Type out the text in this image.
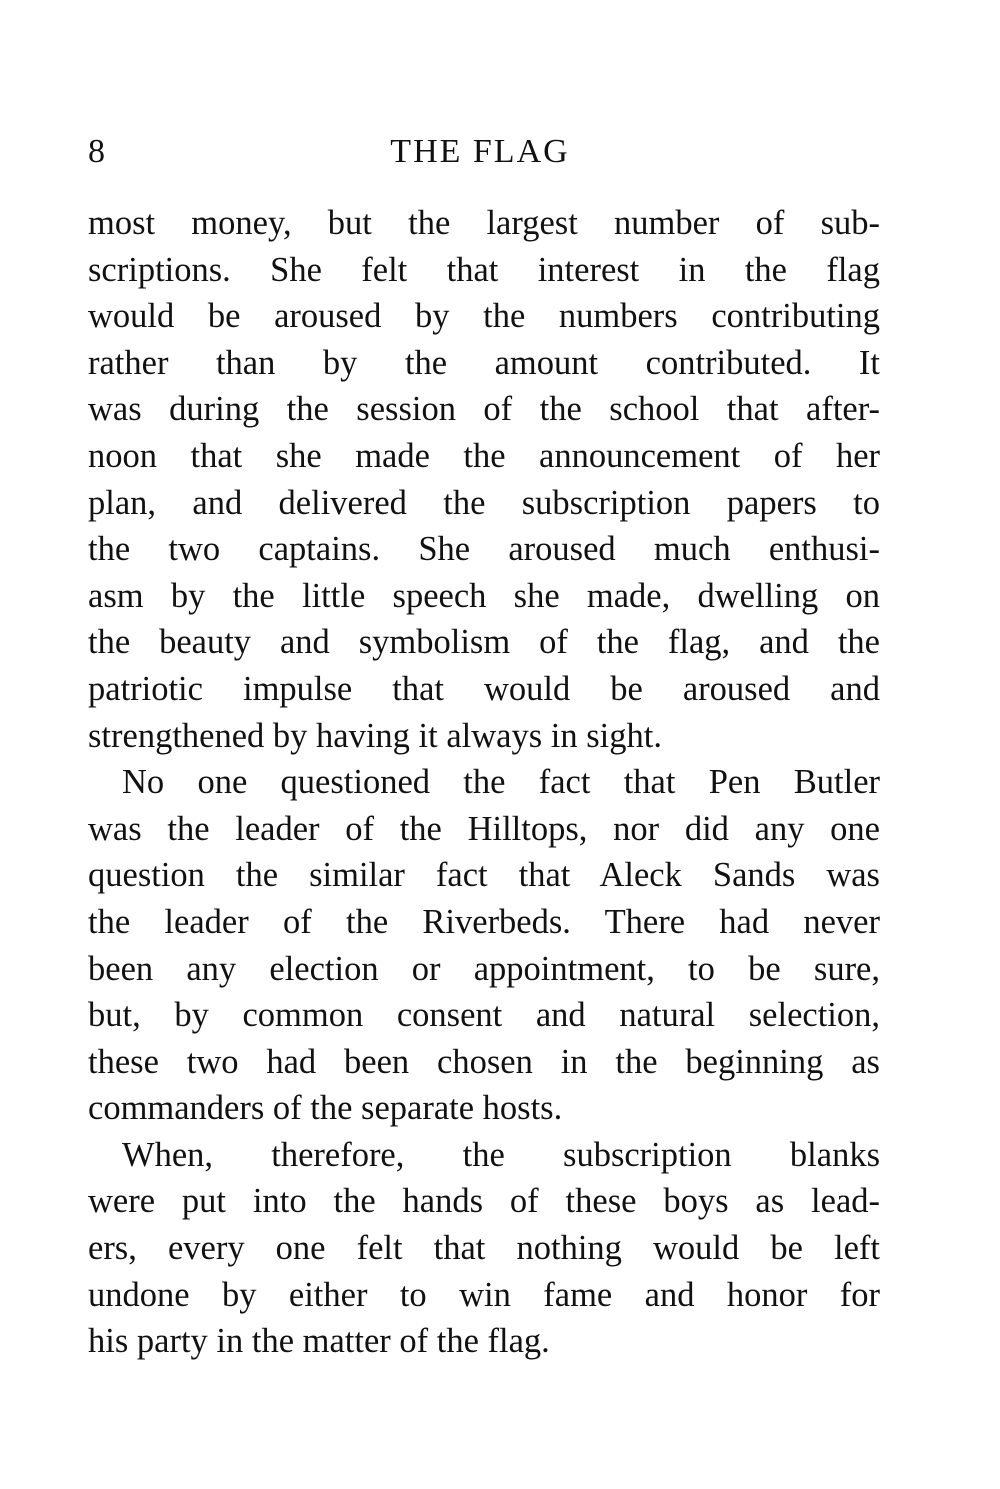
8	THE FLAG
most money, but the largest number of sub-
scriptions. She felt that interest in the flag
would be aroused by the numbers contributing
rather than by the amount contributed. It
was during the session of the school that after-
noon that she made the announcement of her
plan, and delivered the subscription papers to
the two captains. She aroused much enthusi-
asm by the little speech she made, dwelling on
the beauty and symbolism of the flag, and the
patriotic impulse that would be aroused and
strengthened by having it always in sight.
No one questioned the fact that Pen Butler
was the leader of the Hilltops, nor did any one
question the similar fact that Aleck Sands was
the leader of the Riverbeds. There had never
been any election or appointment, to be sure,
but, by common consent and natural selection,
these two had been chosen in the beginning as
commanders of the separate hosts.
When, therefore, the subscription blanks
were put into the hands of these boys as lead-
ers, every one felt that nothing would be left
undone by either to win fame and honor for
his party in the matter of the flag.
